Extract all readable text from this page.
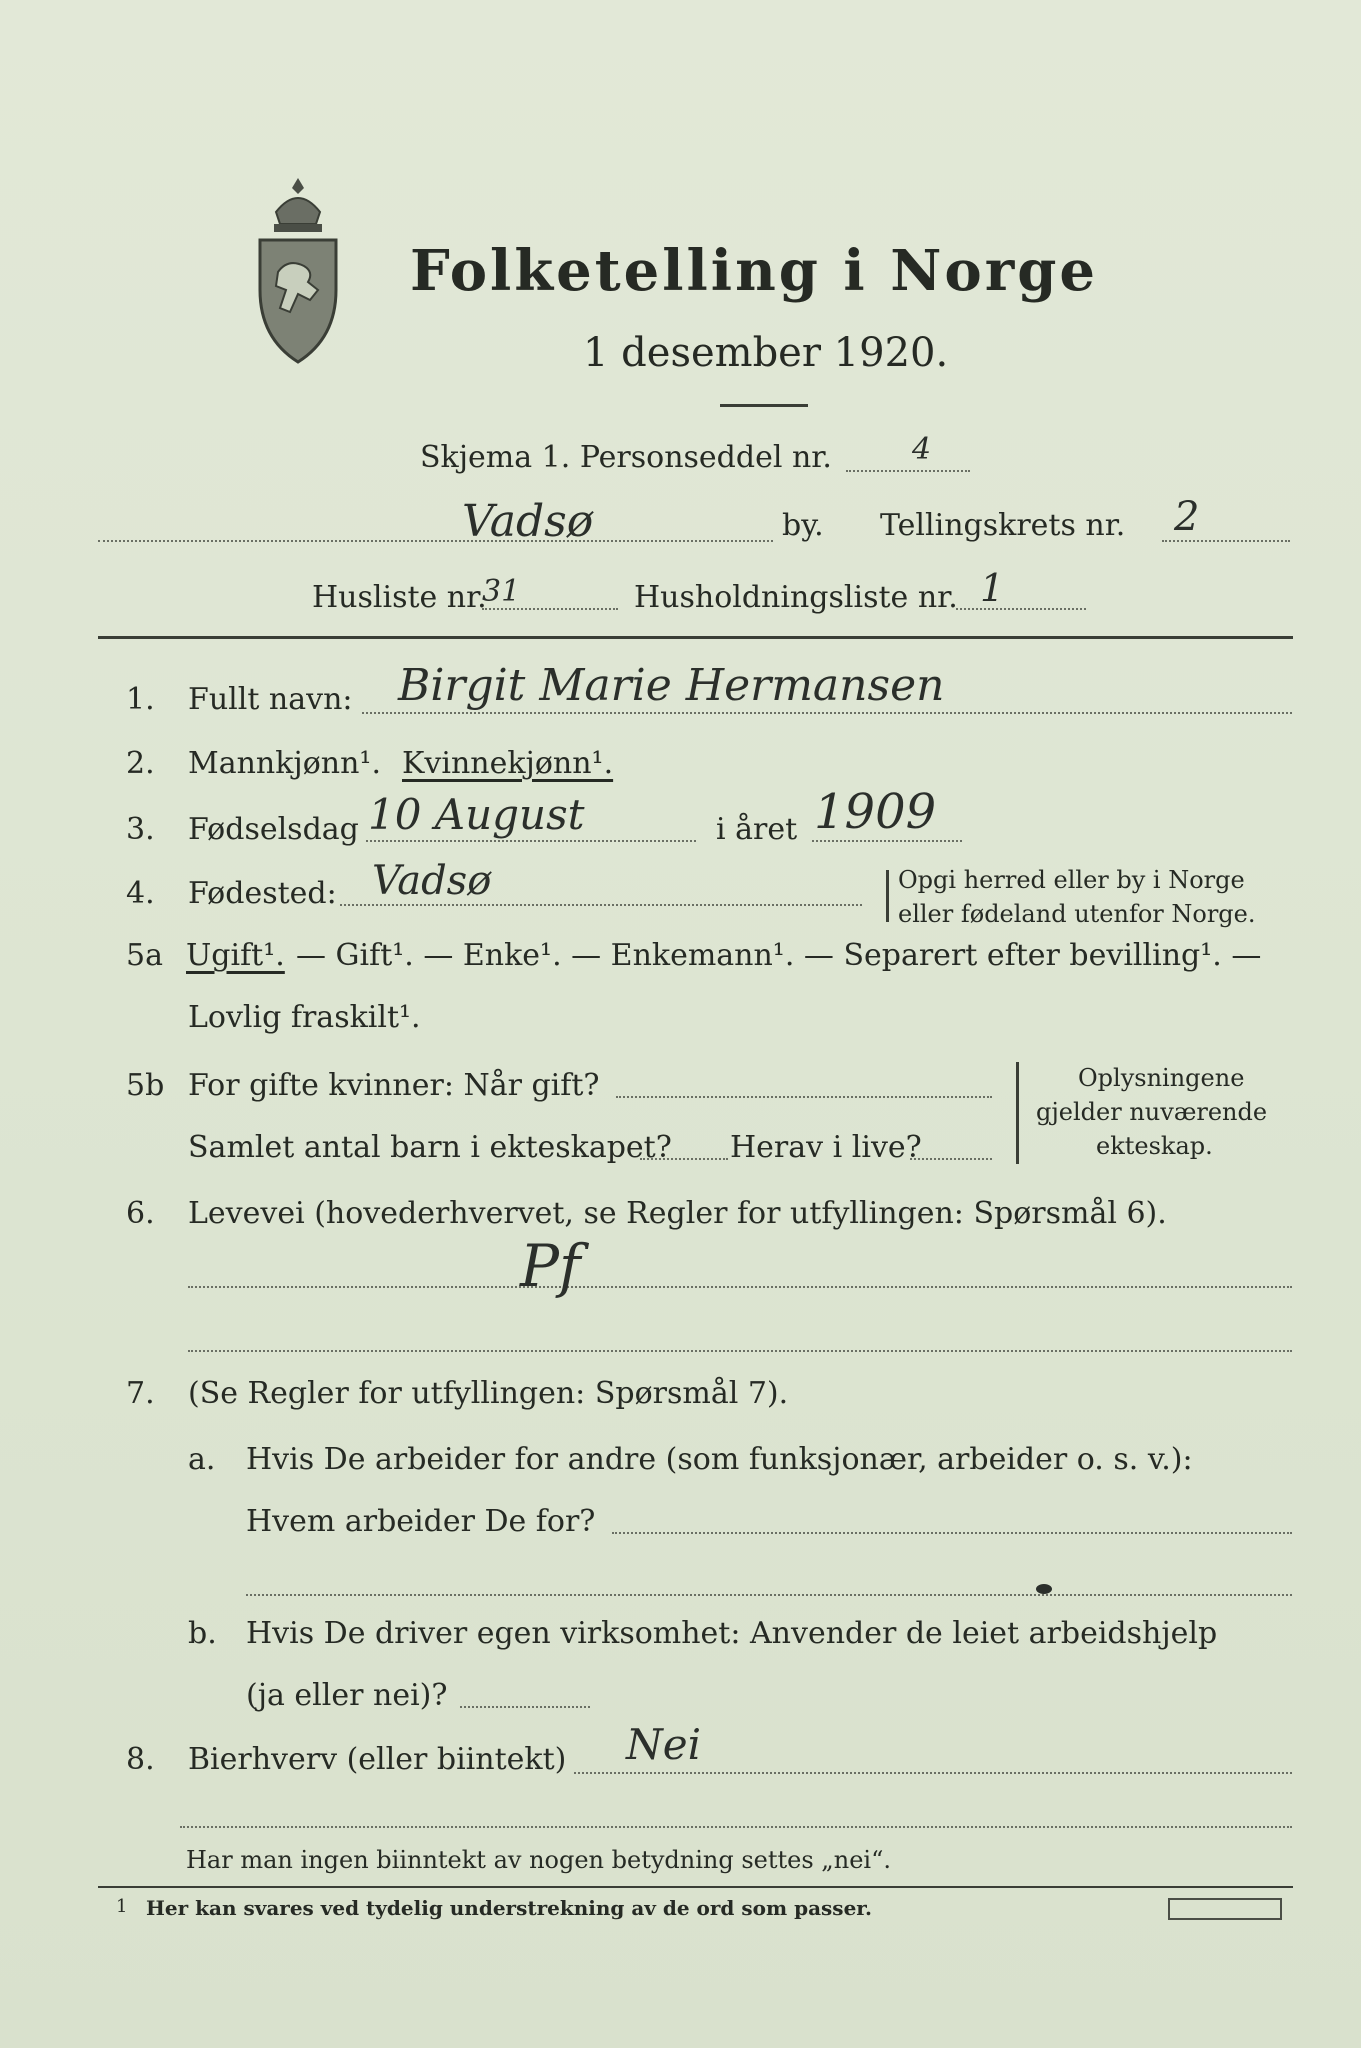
Folketelling i Norge
1 desember 1920.
Skjema 1. Personseddel nr.	4
Vadsø	by. Tellingskrets nr. 2
Husliste nr.
31	Husholdningsliste nr. 1
1. Fullt navn: Birgit Marie Hermansen
2. Mannkjønn¹. Kvinnekjønn¹.
3. Fødselsdag 10 August	i året 1909
4. Fødested: Vadsø	Opgi herred eller by i Norge
eller fødeland utenfor Norge.
5a Ugift¹. — Gift¹. — Enke¹. — Enkemann¹. — Separert efter bevilling¹. —
Lovlig fraskilt¹.
5b For gifte kvinner: Når gift?
Samlet antal barn i ekteskapet? Herav i live?
Oplysningene
gjelder nuværende
ekteskap.
6. Levevei (hovederhvervet, se Regler for utfyllingen: Spørsmål 6).
Pf
7. (Se Regler for utfyllingen: Spørsmål 7).
a. Hvis De arbeider for andre (som funksjonær, arbeider o. s. v.):
Hvem arbeider De for?
b. Hvis De driver egen virksomhet: Anvender de leiet arbeidshjelp
(ja eller nei)?
8. Bierhverv (eller biintekt) Nei
Har man ingen biinntekt av nogen betydning settes „nei“.
1 Her kan svares ved tydelig understrekning av de ord som passer.
